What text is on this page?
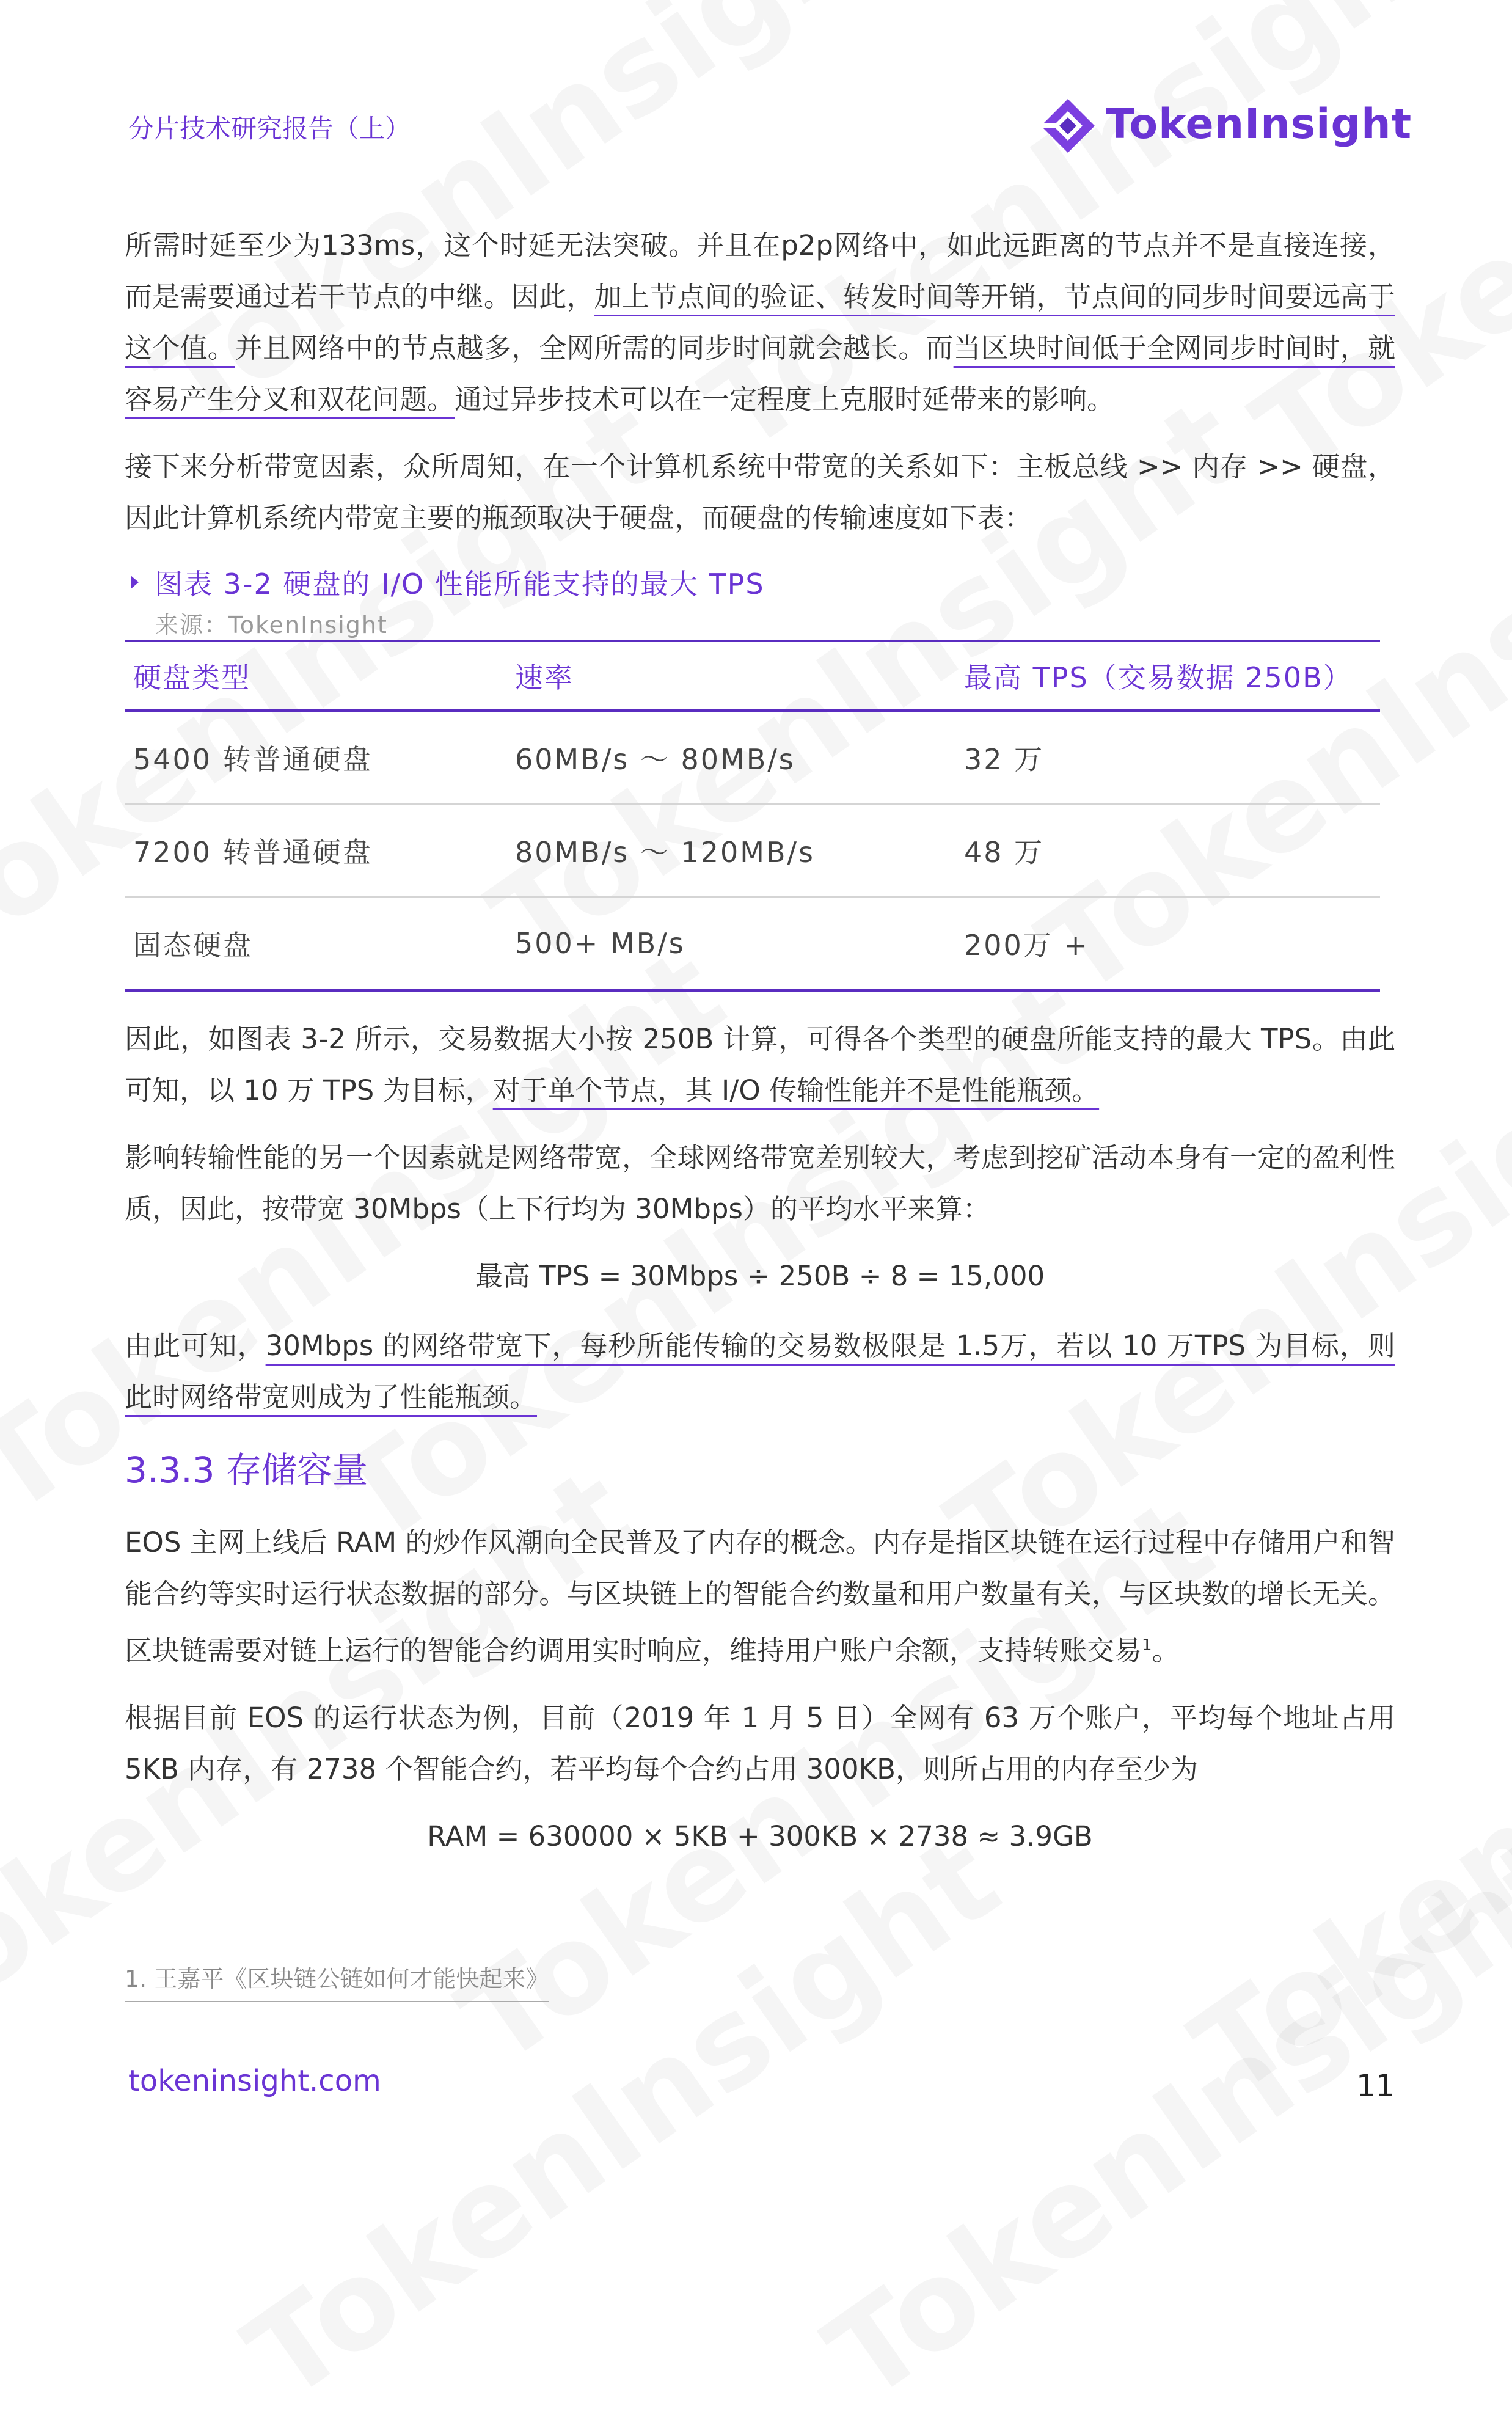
分片技术研究报告（上）	TokenInsight

所需时延至少为133ms，这个时延无法突破。并且在p2p网络中，如此远距离的节点并不是直接连接，而是需要通过若干节点的中继。因此，加上节点间的验证、转发时间等开销，节点间的同步时间要远高于这个值。并且网络中的节点越多，全网所需的同步时间就会越长。而当区块时间低于全网同步时间时，就容易产生分叉和双花问题。通过异步技术可以在一定程度上克服时延带来的影响。

接下来分析带宽因素，众所周知，在一个计算机系统中带宽的关系如下：主板总线 >> 内存 >> 硬盘，因此计算机系统内带宽主要的瓶颈取决于硬盘，而硬盘的传输速度如下表：

图表 3-2 硬盘的 I/O 性能所能支持的最大 TPS
来源：TokenInsight
硬盘类型	速率	最高 TPS（交易数据 250B）
5400 转普通硬盘	60MB/s ～ 80MB/s	32 万
7200 转普通硬盘	80MB/s ～ 120MB/s	48 万
固态硬盘	500+ MB/s	200万 +

因此，如图表 3-2 所示，交易数据大小按 250B 计算，可得各个类型的硬盘所能支持的最大 TPS。由此可知，以 10 万 TPS 为目标，对于单个节点，其 I/O 传输性能并不是性能瓶颈。

影响转输性能的另一个因素就是网络带宽，全球网络带宽差别较大，考虑到挖矿活动本身有一定的盈利性质，因此，按带宽 30Mbps（上下行均为 30Mbps）的平均水平来算：

最高 TPS = 30Mbps ÷ 250B ÷ 8 = 15,000

由此可知，30Mbps 的网络带宽下，每秒所能传输的交易数极限是 1.5万，若以 10 万TPS 为目标，则此时网络带宽则成为了性能瓶颈。

3.3.3 存储容量

EOS 主网上线后 RAM 的炒作风潮向全民普及了内存的概念。内存是指区块链在运行过程中存储用户和智能合约等实时运行状态数据的部分。与区块链上的智能合约数量和用户数量有关，与区块数的增长无关。区块链需要对链上运行的智能合约调用实时响应，维持用户账户余额，支持转账交易$^1$。

根据目前 EOS 的运行状态为例，目前（2019 年 1 月 5 日）全网有 63 万个账户，平均每个地址占用 5KB 内存，有 2738 个智能合约，若平均每个合约占用 300KB，则所占用的内存至少为

RAM = 630000 × 5KB + 300KB × 2738 ≈ 3.9GB
1. 王嘉平《区块链公链如何才能快起来》
tokeninsight.com	11
